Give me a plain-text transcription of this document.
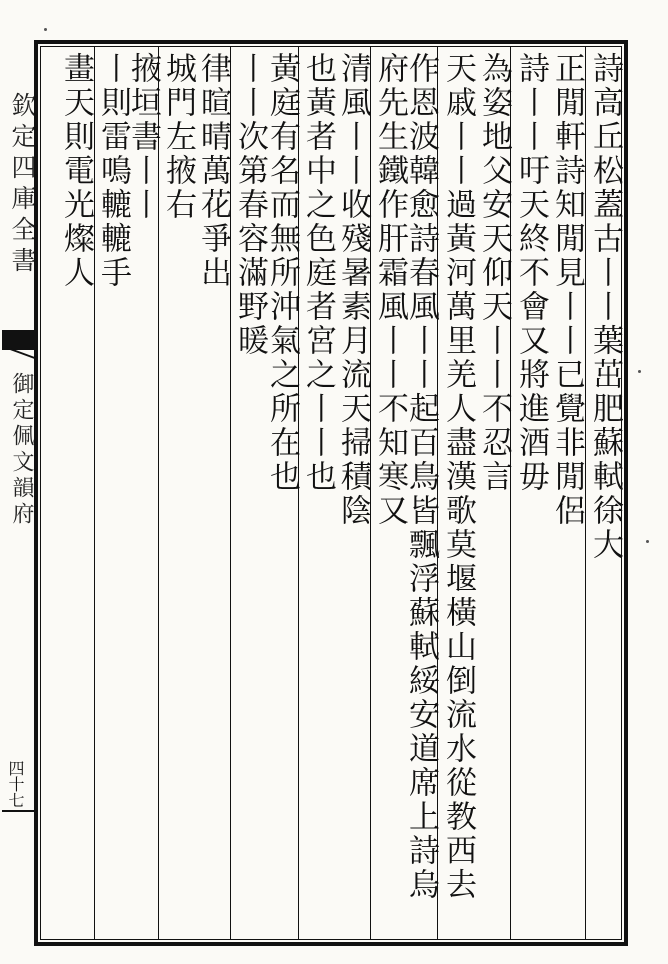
欽定四庫全書
御定佩文韻府
四十七
詩高丘松蓋古丨丨葉茁肥蘇軾徐大
正閒軒詩知閒見丨丨已覺非閒侶
詩丨丨吁天終不會又將進酒毋
為姿地父安天仰天丨丨不忍言
天戚丨丨過黃河萬里羌人盡漢歌莫堰橫山倒流水從教西去
作恩波韓愈詩春風丨丨起百鳥皆飄浮蘇軾綏安道席上詩烏
府先生鐵作肝霜風丨丨不知寒又
清風丨丨收殘暑素月流天掃積陰
也黃者中之色庭者宮之丨丨也
黃庭有名而無所沖氣之所在也
丨丨次第春容滿野暖
律暄晴萬花爭出
城門左掖右
掖垣書丨丨
丨則雷鳴轆轆手
畫天則電光燦人
